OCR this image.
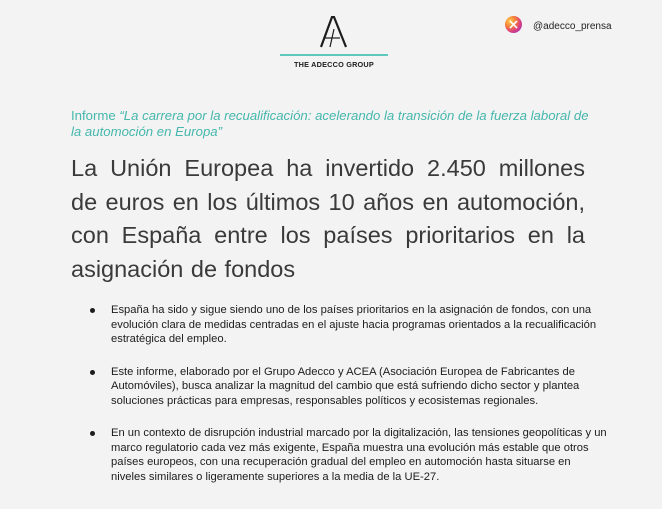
THE ADECCO GROUP
@adecco_prensa
Informe “La carrera por la recualificación: acelerando la transición de la fuerza laboral de la automoción en Europa”
La Unión Europea ha invertido 2.450 millones de euros en los últimos 10 años en automoción, con España entre los países prioritarios en la asignación de fondos
España ha sido y sigue siendo uno de los países prioritarios en la asignación de fondos, con una evolución clara de medidas centradas en el ajuste hacia programas orientados a la recualificación estratégica del empleo.
Este informe, elaborado por el Grupo Adecco y ACEA (Asociación Europea de Fabricantes de Automóviles), busca analizar la magnitud del cambio que está sufriendo dicho sector y plantea soluciones prácticas para empresas, responsables políticos y ecosistemas regionales.
En un contexto de disrupción industrial marcado por la digitalización, las tensiones geopolíticas y un marco regulatorio cada vez más exigente, España muestra una evolución más estable que otros países europeos, con una recuperación gradual del empleo en automoción hasta situarse en niveles similares o ligeramente superiores a la media de la UE-27.
